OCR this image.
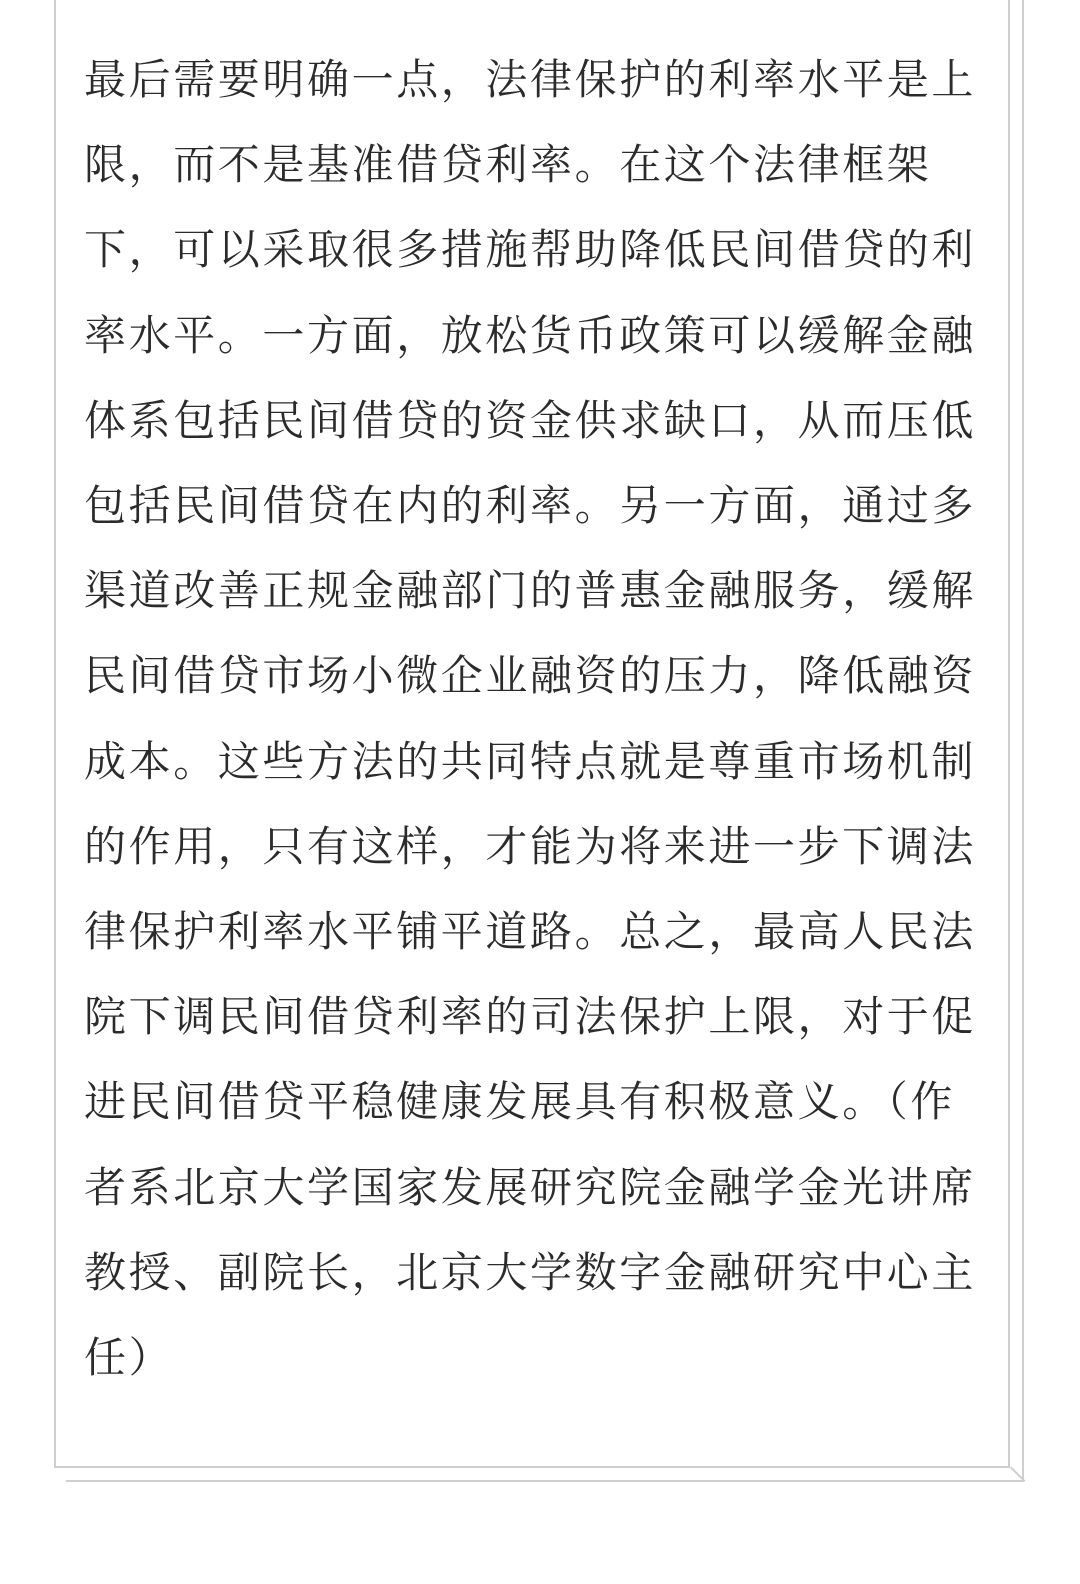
最后需要明确一点，法律保护的利率水平是上限，而不是基准借贷利率。在这个法律框架下，可以采取很多措施帮助降低民间借贷的利率水平。一方面，放松货币政策可以缓解金融体系包括民间借贷的资金供求缺口，从而压低包括民间借贷在内的利率。另一方面，通过多渠道改善正规金融部门的普惠金融服务，缓解民间借贷市场小微企业融资的压力，降低融资成本。这些方法的共同特点就是尊重市场机制的作用，只有这样，才能为将来进一步下调法律保护利率水平铺平道路。总之，最高人民法院下调民间借贷利率的司法保护上限，对于促进民间借贷平稳健康发展具有积极意义。（作者系北京大学国家发展研究院金融学金光讲席教授、副院长，北京大学数字金融研究中心主任）
